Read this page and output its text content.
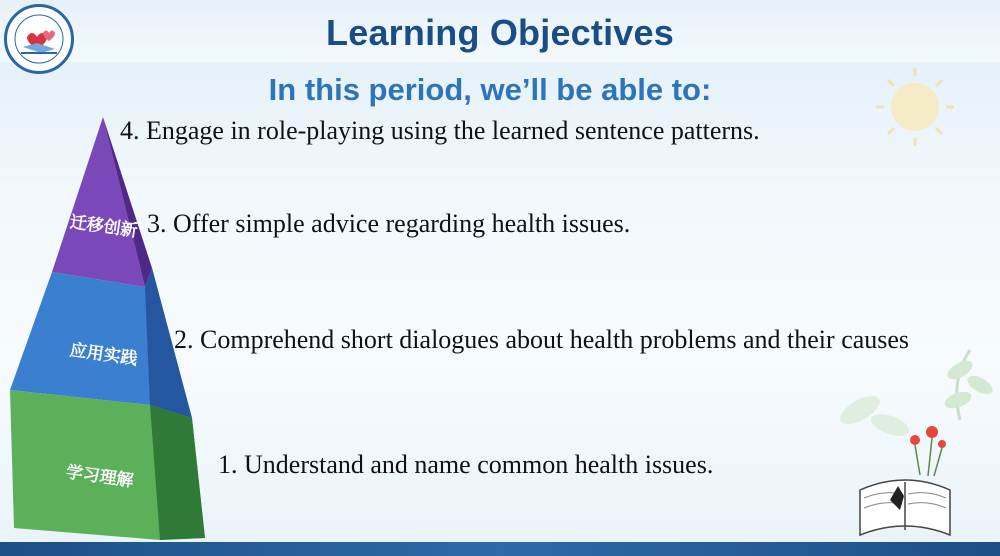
Learning Objectives
In this period, we’ll be able to:
迁移创新
应用实践
学习理解
4. Engage in role-playing using the learned sentence patterns.
3. Offer simple advice regarding health issues.
2. Comprehend short dialogues about health problems and their causes
1. Understand and name common health issues.
